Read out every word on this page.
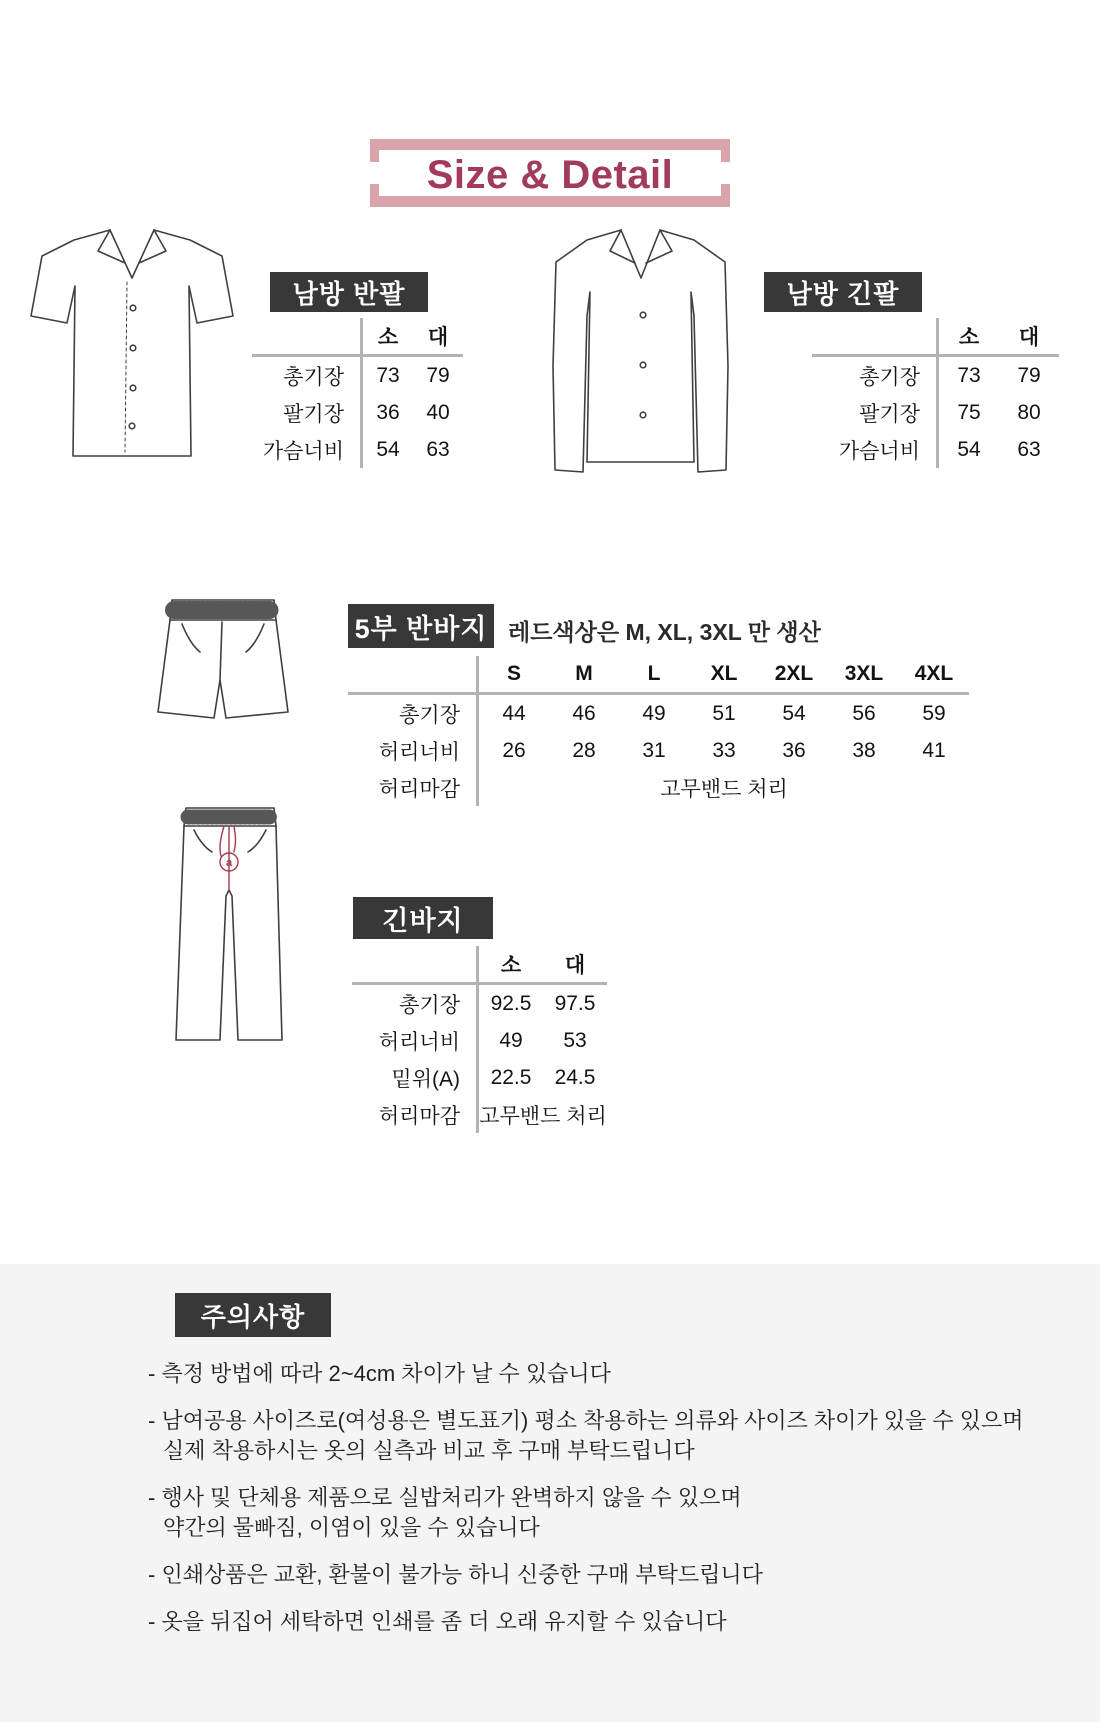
Size & Detail
남방 반팔
	소	대
총기장	73	79
팔기장	36	40
가슴너비	54	63
남방 긴팔
	소	대
총기장	73	79
팔기장	75	80
가슴너비	54	63
5부 반바지 레드색상은 M, XL, 3XL 만 생산
	S	M	L	XL	2XL	3XL	4XL
총기장	44	46	49	51	54	56	59
허리너비	26	28	31	33	36	38	41
허리마감	고무밴드 처리						
a
긴바지
	소	대
총기장	92.5	97.5
허리너비	49	53
밑위(A)	22.5	24.5
허리마감	고무밴드 처리	
주의사항
- 측정 방법에 따라 2~4cm 차이가 날 수 있습니다
- 남여공용 사이즈로(여성용은 별도표기) 평소 착용하는 의류와 사이즈 차이가 있을 수 있으며
실제 착용하시는 옷의 실측과 비교 후 구매 부탁드립니다
- 행사 및 단체용 제품으로 실밥처리가 완벽하지 않을 수 있으며
약간의 물빠짐, 이염이 있을 수 있습니다
- 인쇄상품은 교환, 환불이 불가능 하니 신중한 구매 부탁드립니다
- 옷을 뒤집어 세탁하면 인쇄를 좀 더 오래 유지할 수 있습니다
